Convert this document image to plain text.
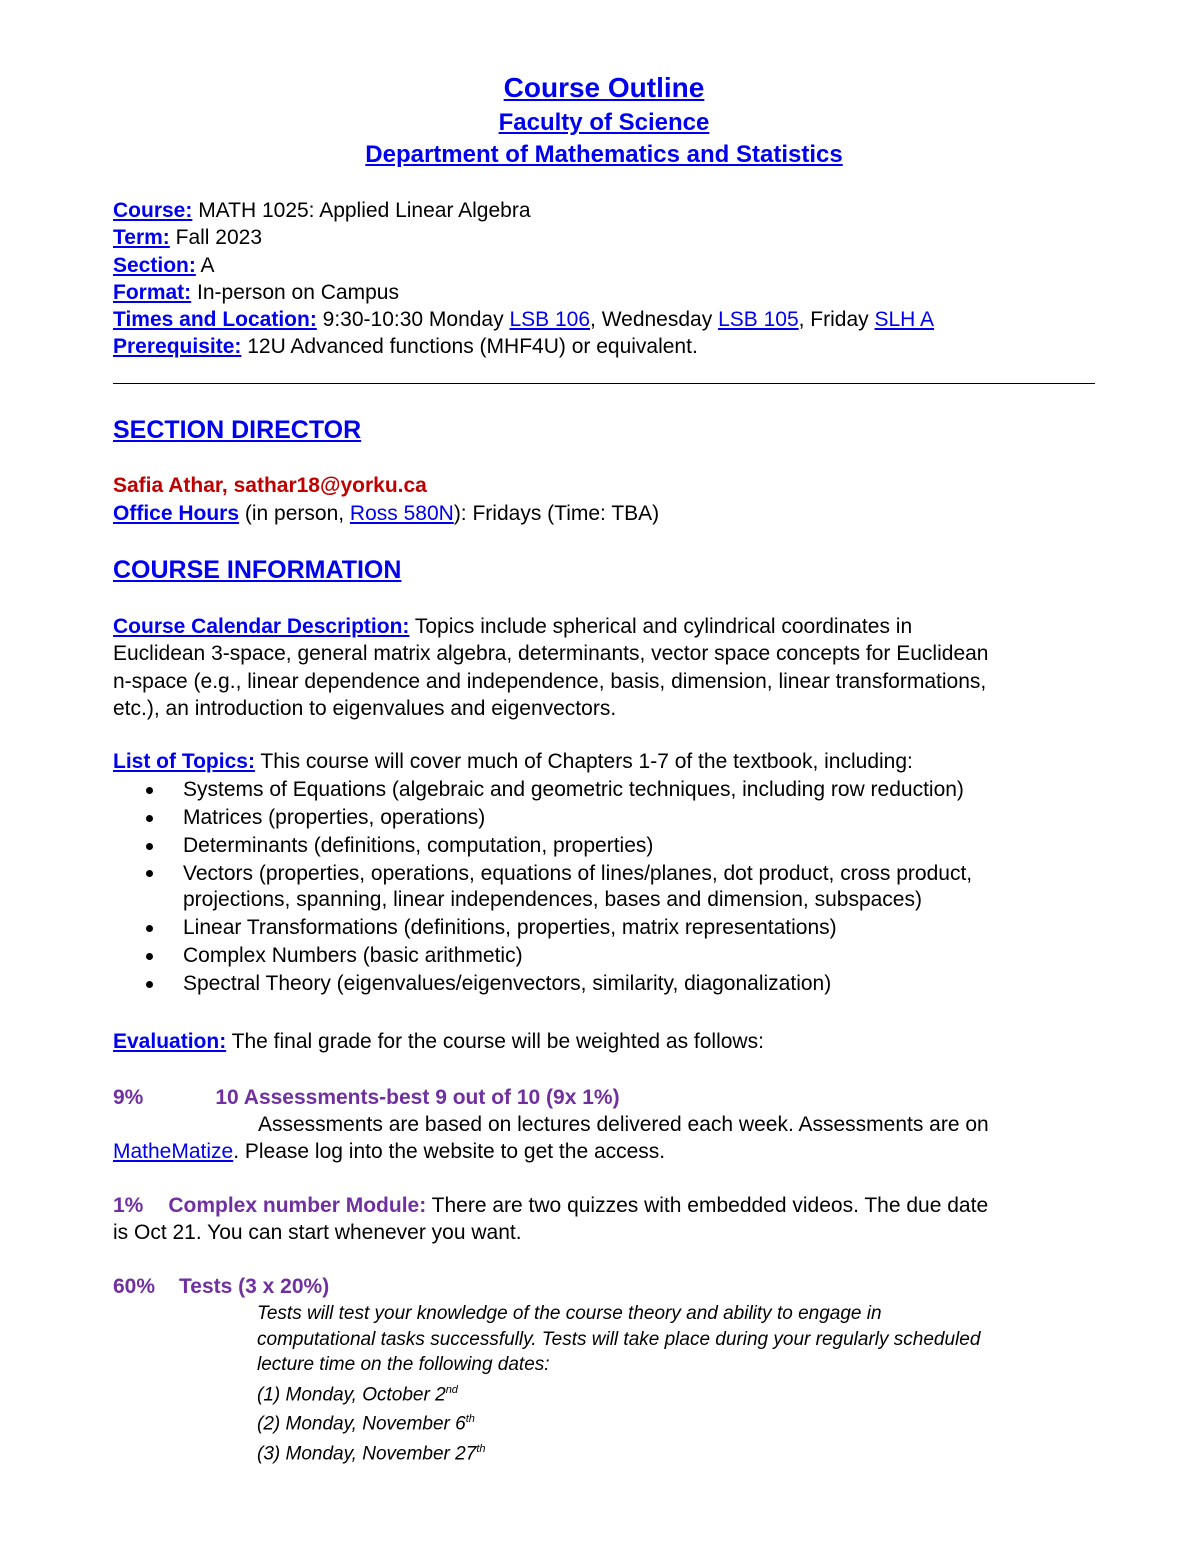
Course Outline
Faculty of Science
Department of Mathematics and Statistics
Course: MATH 1025: Applied Linear Algebra
Term: Fall 2023
Section: A
Format: In-person on Campus
Times and Location: 9:30-10:30 Monday LSB 106, Wednesday LSB 105, Friday SLH A
Prerequisite: 12U Advanced functions (MHF4U) or equivalent.
SECTION DIRECTOR
Safia Athar, sathar18@yorku.ca
Office Hours (in person, Ross 580N): Fridays (Time: TBA)
COURSE INFORMATION
Course Calendar Description: Topics include spherical and cylindrical coordinates in
Euclidean 3-space, general matrix algebra, determinants, vector space concepts for Euclidean
n-space (e.g., linear dependence and independence, basis, dimension, linear transformations,
etc.), an introduction to eigenvalues and eigenvectors.
List of Topics: This course will cover much of Chapters 1-7 of the textbook, including:
Systems of Equations (algebraic and geometric techniques, including row reduction)
Matrices (properties, operations)
Determinants (definitions, computation, properties)
Vectors (properties, operations, equations of lines/planes, dot product, cross product,
projections, spanning, linear independences, bases and dimension, subspaces)
Linear Transformations (definitions, properties, matrix representations)
Complex Numbers (basic arithmetic)
Spectral Theory (eigenvalues/eigenvectors, similarity, diagonalization)
Evaluation: The final grade for the course will be weighted as follows:
9%	10 Assessments-best 9 out of 10 (9x 1%)
Assessments are based on lectures delivered each week. Assessments are on
MatheMatize. Please log into the website to get the access.
1% Complex number Module: There are two quizzes with embedded videos. The due date
is Oct 21. You can start whenever you want.
60% Tests (3 x 20%)
Tests will test your knowledge of the course theory and ability to engage in
computational tasks successfully. Tests will take place during your regularly scheduled
lecture time on the following dates:
(1) Monday, October 2nd
(2) Monday, November 6th
(3) Monday, November 27th
